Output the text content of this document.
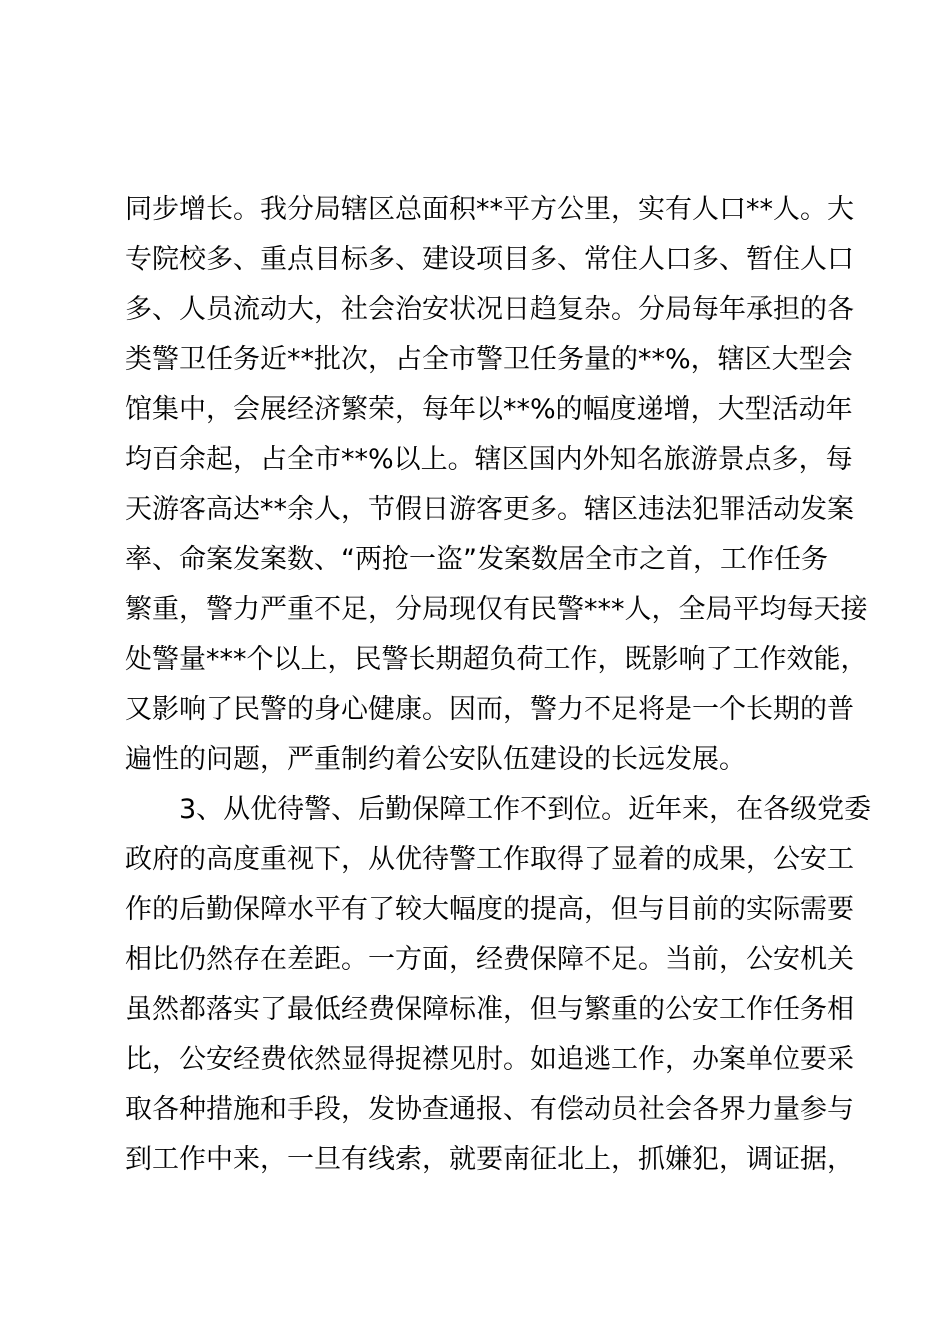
同步增长。我分局辖区总面积**平方公里，实有人口**人。大
专院校多、重点目标多、建设项目多、常住人口多、暂住人口
多、人员流动大，社会治安状况日趋复杂。分局每年承担的各
类警卫任务近**批次，占全市警卫任务量的**%，辖区大型会
馆集中，会展经济繁荣，每年以**%的幅度递增，大型活动年
均百余起，占全市**%以上。辖区国内外知名旅游景点多，每
天游客高达**余人，节假日游客更多。辖区违法犯罪活动发案
率、命案发案数、“两抢一盗”发案数居全市之首，工作任务
繁重，警力严重不足，分局现仅有民警***人，全局平均每天接
处警量***个以上，民警长期超负荷工作，既影响了工作效能，
又影响了民警的身心健康。因而，警力不足将是一个长期的普
遍性的问题，严重制约着公安队伍建设的长远发展。
　　3、从优待警、后勤保障工作不到位。近年来，在各级党委
政府的高度重视下，从优待警工作取得了显着的成果，公安工
作的后勤保障水平有了较大幅度的提高，但与目前的实际需要
相比仍然存在差距。一方面，经费保障不足。当前，公安机关
虽然都落实了最低经费保障标准，但与繁重的公安工作任务相
比，公安经费依然显得捉襟见肘。如追逃工作，办案单位要采
取各种措施和手段，发协查通报、有偿动员社会各界力量参与
到工作中来，一旦有线索，就要南征北上，抓嫌犯，调证据，
